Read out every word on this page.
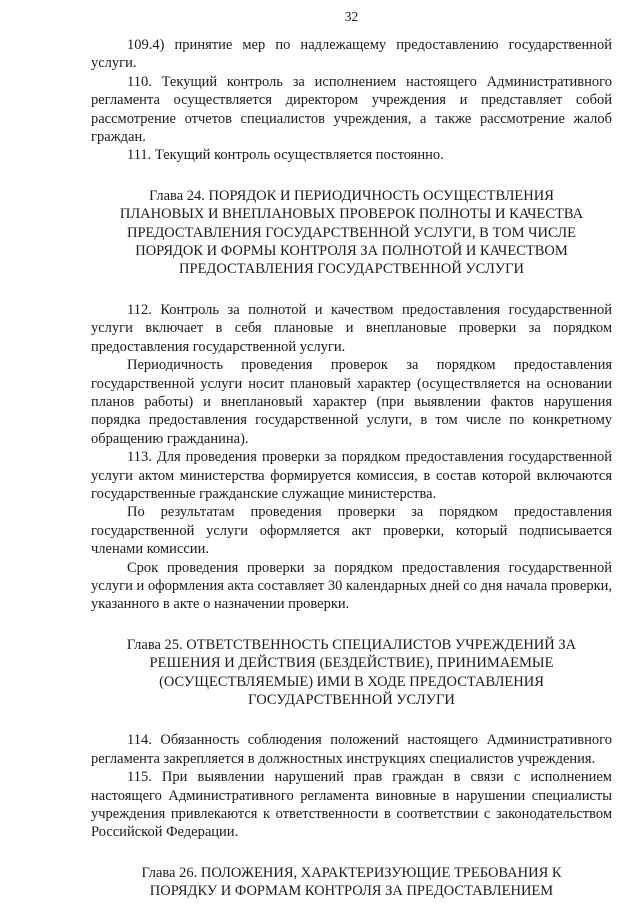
32

109.4) принятие мер по надлежащему предоставлению государственной услуги.

110. Текущий контроль за исполнением настоящего Административного регламента осуществляется директором учреждения и представляет собой рассмотрение отчетов специалистов учреждения, а также рассмотрение жалоб граждан.

111. Текущий контроль осуществляется постоянно.

Глава 24. ПОРЯДОК И ПЕРИОДИЧНОСТЬ ОСУЩЕСТВЛЕНИЯ
ПЛАНОВЫХ И ВНЕПЛАНОВЫХ ПРОВЕРОК ПОЛНОТЫ И КАЧЕСТВА
ПРЕДОСТАВЛЕНИЯ ГОСУДАРСТВЕННОЙ УСЛУГИ, В ТОМ ЧИСЛЕ
ПОРЯДОК И ФОРМЫ КОНТРОЛЯ ЗА ПОЛНОТОЙ И КАЧЕСТВОМ
ПРЕДОСТАВЛЕНИЯ ГОСУДАРСТВЕННОЙ УСЛУГИ

112. Контроль за полнотой и качеством предоставления государственной услуги включает в себя плановые и внеплановые проверки за порядком предоставления государственной услуги.

Периодичность проведения проверок за порядком предоставления государственной услуги носит плановый характер (осуществляется на основании планов работы) и внеплановый характер (при выявлении фактов нарушения порядка предоставления государственной услуги, в том числе по конкретному обращению гражданина).

113. Для проведения проверки за порядком предоставления государственной услуги актом министерства формируется комиссия, в состав которой включаются государственные гражданские служащие министерства.

По результатам проведения проверки за порядком предоставления государственной услуги оформляется акт проверки, который подписывается членами комиссии.

Срок проведения проверки за порядком предоставления государственной услуги и оформления акта составляет 30 календарных дней со дня начала проверки, указанного в акте о назначении проверки.

Глава 25. ОТВЕТСТВЕННОСТЬ СПЕЦИАЛИСТОВ УЧРЕЖДЕНИЙ ЗА
РЕШЕНИЯ И ДЕЙСТВИЯ (БЕЗДЕЙСТВИЕ), ПРИНИМАЕМЫЕ
(ОСУЩЕСТВЛЯЕМЫЕ) ИМИ В ХОДЕ ПРЕДОСТАВЛЕНИЯ
ГОСУДАРСТВЕННОЙ УСЛУГИ

114. Обязанность соблюдения положений настоящего Административного регламента закрепляется в должностных инструкциях специалистов учреждения.

115. При выявлении нарушений прав граждан в связи с исполнением настоящего Административного регламента виновные в нарушении специалисты учреждения привлекаются к ответственности в соответствии с законодательством Российской Федерации.

Глава 26. ПОЛОЖЕНИЯ, ХАРАКТЕРИЗУЮЩИЕ ТРЕБОВАНИЯ К
ПОРЯДКУ И ФОРМАМ КОНТРОЛЯ ЗА ПРЕДОСТАВЛЕНИЕМ
